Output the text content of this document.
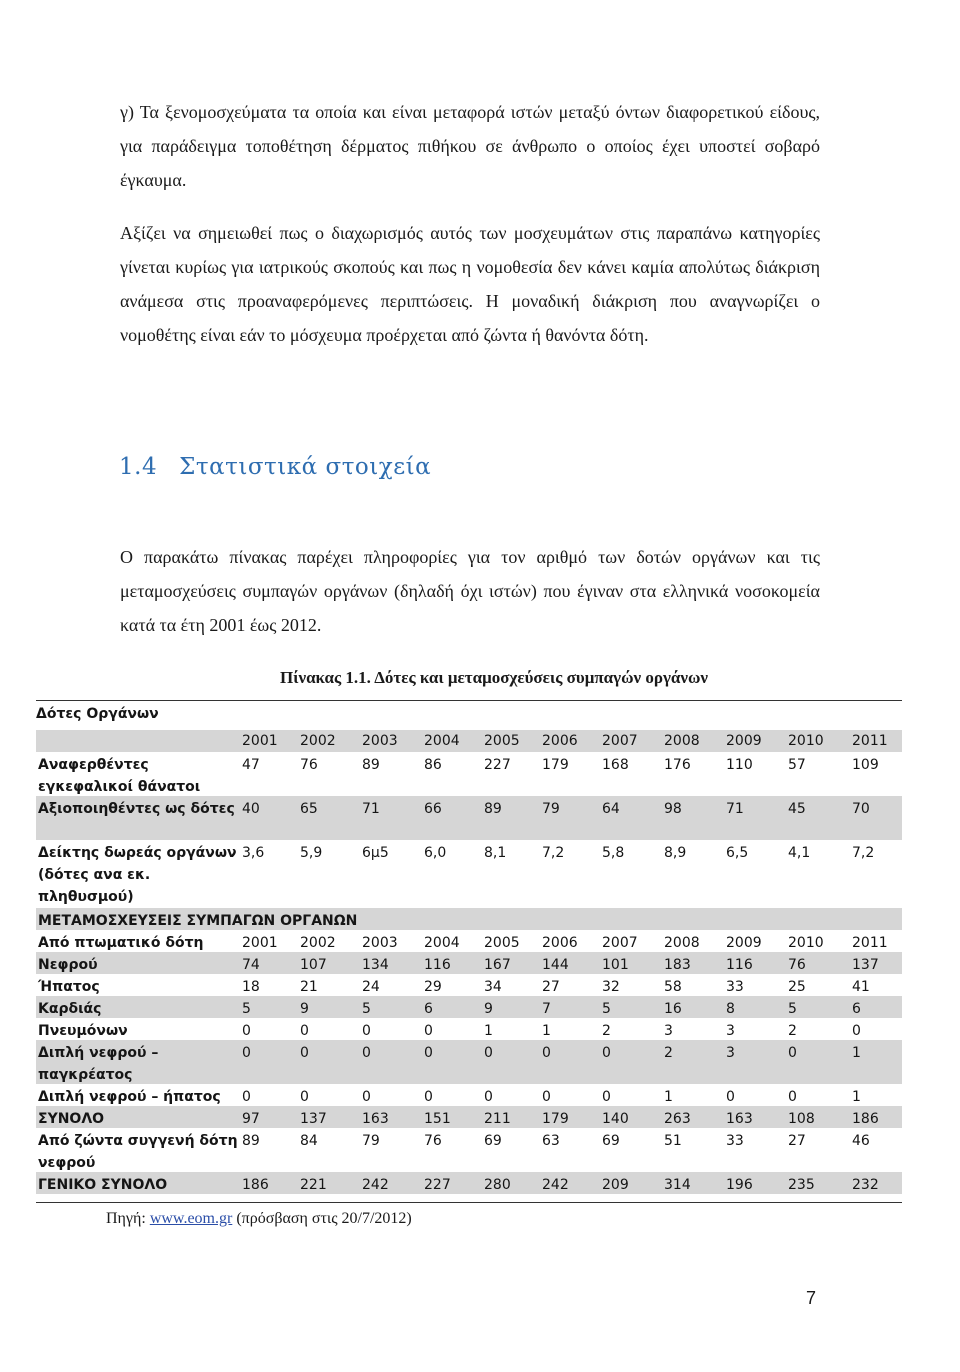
γ) Τα ξενομοσχεύματα τα οποία και είναι μεταφορά ιστών μεταξύ όντων διαφορετικού είδους, για παράδειγμα τοποθέτηση δέρματος πιθήκου σε άνθρωπο ο οποίος έχει υποστεί σοβαρό έγκαυμα.

Αξίζει να σημειωθεί πως ο διαχωρισμός αυτός των μοσχευμάτων στις παραπάνω κατηγορίες γίνεται κυρίως για ιατρικούς σκοπούς και πως η νομοθεσία δεν κάνει καμία απολύτως διάκριση ανάμεσα στις προαναφερόμενες περιπτώσεις. Η μοναδική διάκριση που αναγνωρίζει ο νομοθέτης είναι εάν το μόσχευμα προέρχεται από ζώντα ή θανόντα δότη.

1.4 Στατιστικά στοιχεία

Ο παρακάτω πίνακας παρέχει πληροφορίες για τον αριθμό των δοτών οργάνων και τις μεταμοσχεύσεις συμπαγών οργάνων (δηλαδή όχι ιστών) που έγιναν στα ελληνικά νοσοκομεία κατά τα έτη 2001 έως 2012.

Πίνακας 1.1. Δότες και μεταμοσχεύσεις συμπαγών οργάνων
Δότες Οργάνων
2001 2002 2003 2004 2005 2006 2007 2008 2009 2010 2011
Αναφερθέντες εγκεφαλικοί θάνατοι
47	76	89	86	227 179 168	176	110	57	109
Αξιοποιηθέντες ως δότες 40	65	71	66	89	79	64	98	71	45	70
Δείκτης δωρεάς οργάνων (δότες ανα εκ. πληθυσμού)
3,6	5,9	6μ5	6,0	8,1	7,2	5,8	8,9	6,5	4,1	7,2
ΜΕΤΑΜΟΣΧΕΥΣΕΙΣ ΣΥΜΠΑΓΩΝ ΟΡΓΑΝΩΝ
Από πτωματικό δότη	2001 2002 2003 2004 2005 2006 2007 2008 2009 2010 2011
Νεφρού	74	107	134	116 167 144 101	183	116	76	137
Ήπατος	18	21	24	29	34	27	32	58	33	25	41
Καρδιάς	5	9	5	6	9	7	5	16	8	5	6
Πνευμόνων	0	0	0	0	1	1	2	3	3	2	0
Διπλή νεφρού – παγκρέατος
0	0	0	0	0	0	0	2	3	0	1
Διπλή νεφρού – ήπατος	0	0	0	0	0	0	0	1	0	0	1
ΣΥΝΟΛΟ	97	137	163	151 211 179 140	263	163	108	186
Από ζώντα συγγενή δότη νεφρού
89	84	79	76	69	63	69	51	33	27	46
ΓΕΝΙΚΟ ΣΥΝΟΛΟ	186 221	242	227 280 242 209	314	196	235	232
Πηγή: www.eom.gr (πρόσβαση στις 20/7/2012)
7
